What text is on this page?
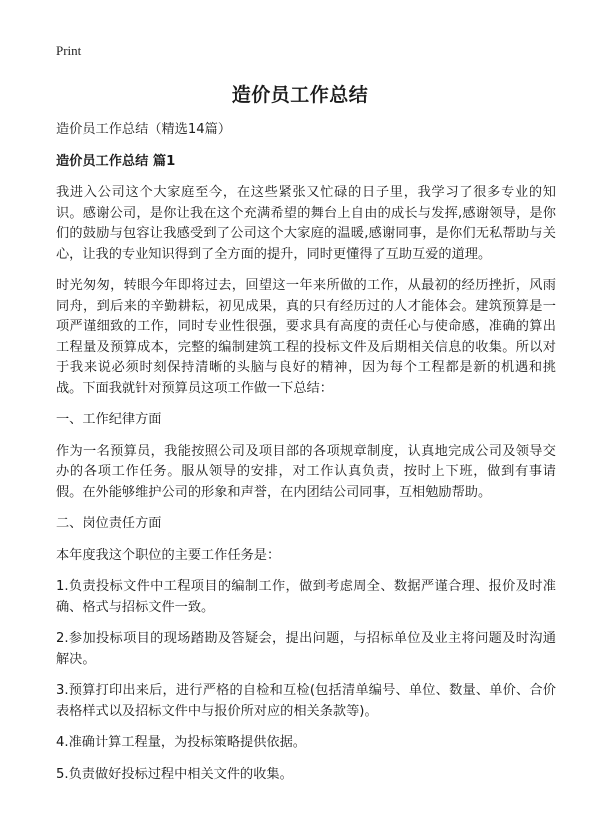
Print
造价员工作总结

造价员工作总结（精选14篇）

造价员工作总结 篇1

我进入公司这个大家庭至今，在这些紧张又忙碌的日子里，我学习了很多专业的知识。感谢公司，是你让我在这个充满希望的舞台上自由的成长与发挥,感谢领导，是你们的鼓励与包容让我感受到了公司这个大家庭的温暖,感谢同事，是你们无私帮助与关心，让我的专业知识得到了全方面的提升，同时更懂得了互助互爱的道理。

时光匆匆，转眼今年即将过去，回望这一年来所做的工作，从最初的经历挫折，风雨同舟，到后来的辛勤耕耘，初见成果，真的只有经历过的人才能体会。建筑预算是一项严谨细致的工作，同时专业性很强，要求具有高度的责任心与使命感，准确的算出工程量及预算成本，完整的编制建筑工程的投标文件及后期相关信息的收集。所以对于我来说必须时刻保持清晰的头脑与良好的精神，因为每个工程都是新的机遇和挑战。下面我就针对预算员这项工作做一下总结：

一、工作纪律方面

作为一名预算员，我能按照公司及项目部的各项规章制度，认真地完成公司及领导交办的各项工作任务。服从领导的安排，对工作认真负责，按时上下班，做到有事请假。在外能够维护公司的形象和声誉，在内团结公司同事，互相勉励帮助。

二、岗位责任方面

本年度我这个职位的主要工作任务是：

1.负责投标文件中工程项目的编制工作，做到考虑周全、数据严谨合理、报价及时准确、格式与招标文件一致。

2.参加投标项目的现场踏勘及答疑会，提出问题，与招标单位及业主将问题及时沟通解决。

3.预算打印出来后，进行严格的自检和互检(包括清单编号、单位、数量、单价、合价表格样式以及招标文件中与报价所对应的相关条款等)。

4.准确计算工程量，为投标策略提供依据。

5.负责做好投标过程中相关文件的收集。
